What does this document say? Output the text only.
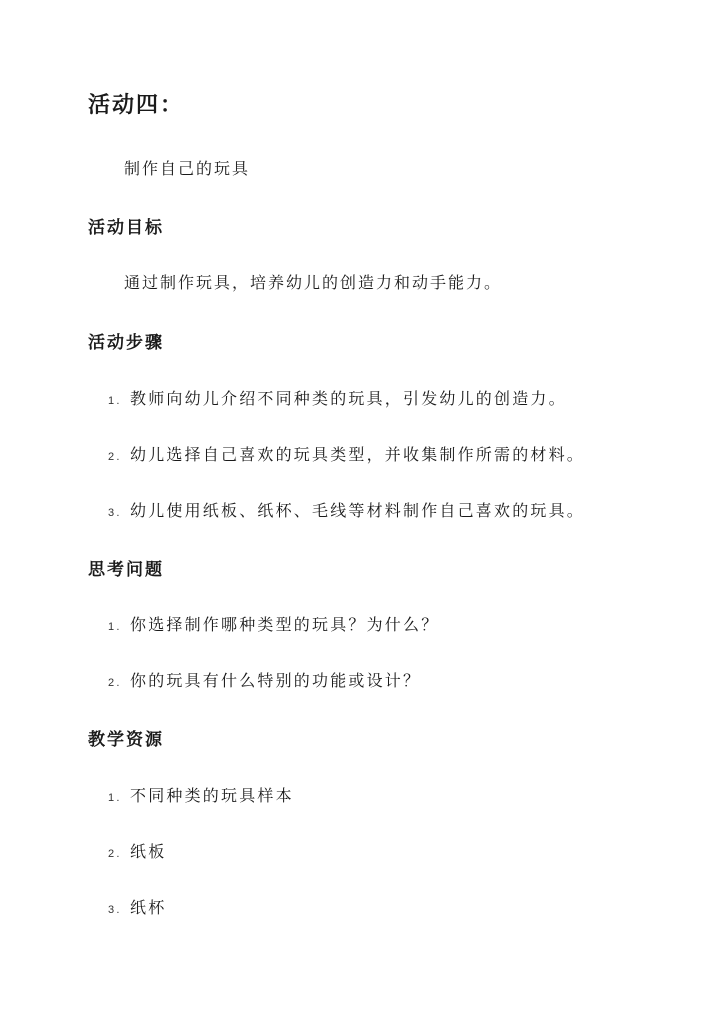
活动四：
制作自己的玩具
活动目标
通过制作玩具，培养幼儿的创造力和动手能力。
活动步骤
1. 教师向幼儿介绍不同种类的玩具，引发幼儿的创造力。
2. 幼儿选择自己喜欢的玩具类型，并收集制作所需的材料。
3. 幼儿使用纸板、纸杯、毛线等材料制作自己喜欢的玩具。
思考问题
1. 你选择制作哪种类型的玩具？为什么？
2. 你的玩具有什么特别的功能或设计？
教学资源
1. 不同种类的玩具样本
2. 纸板
3. 纸杯
